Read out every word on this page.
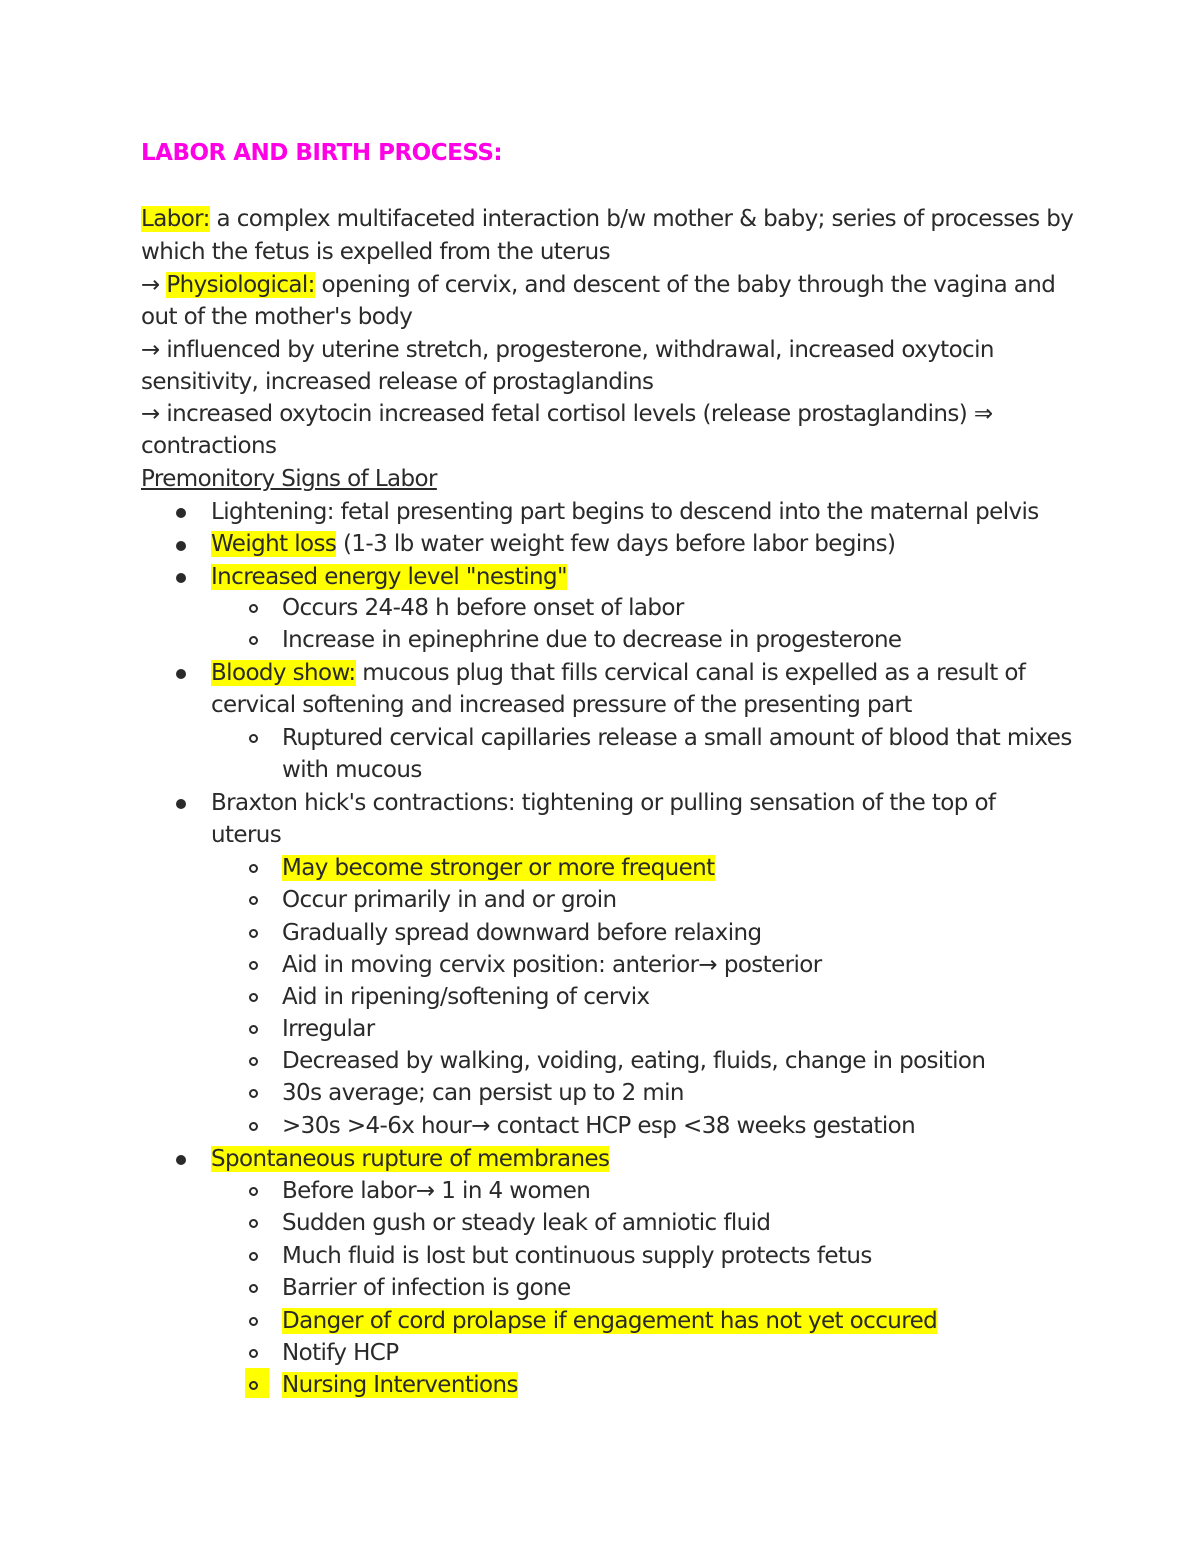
LABOR AND BIRTH PROCESS:
Labor: a complex multifaceted interaction b/w mother & baby; series of processes by
which the fetus is expelled from the uterus
→ Physiological: opening of cervix, and descent of the baby through the vagina and
out of the mother's body
→ influenced by uterine stretch, progesterone, withdrawal, increased oxytocin
sensitivity, increased release of prostaglandins
→ increased oxytocin increased fetal cortisol levels (release prostaglandins) ⇒
contractions
Premonitory Signs of Labor
Lightening: fetal presenting part begins to descend into the maternal pelvis
Weight loss (1-3 lb water weight few days before labor begins)
Increased energy level "nesting"
Occurs 24-48 h before onset of labor
Increase in epinephrine due to decrease in progesterone
Bloody show: mucous plug that fills cervical canal is expelled as a result of
cervical softening and increased pressure of the presenting part
Ruptured cervical capillaries release a small amount of blood that mixes
with mucous
Braxton hick's contractions: tightening or pulling sensation of the top of
uterus
May become stronger or more frequent
Occur primarily in and or groin
Gradually spread downward before relaxing
Aid in moving cervix position: anterior→ posterior
Aid in ripening/softening of cervix
Irregular
Decreased by walking, voiding, eating, fluids, change in position
30s average; can persist up to 2 min
>30s >4-6x hour→ contact HCP esp <38 weeks gestation
Spontaneous rupture of membranes
Before labor→ 1 in 4 women
Sudden gush or steady leak of amniotic fluid
Much fluid is lost but continuous supply protects fetus
Barrier of infection is gone
Danger of cord prolapse if engagement has not yet occured
Notify HCP
Nursing Interventions
